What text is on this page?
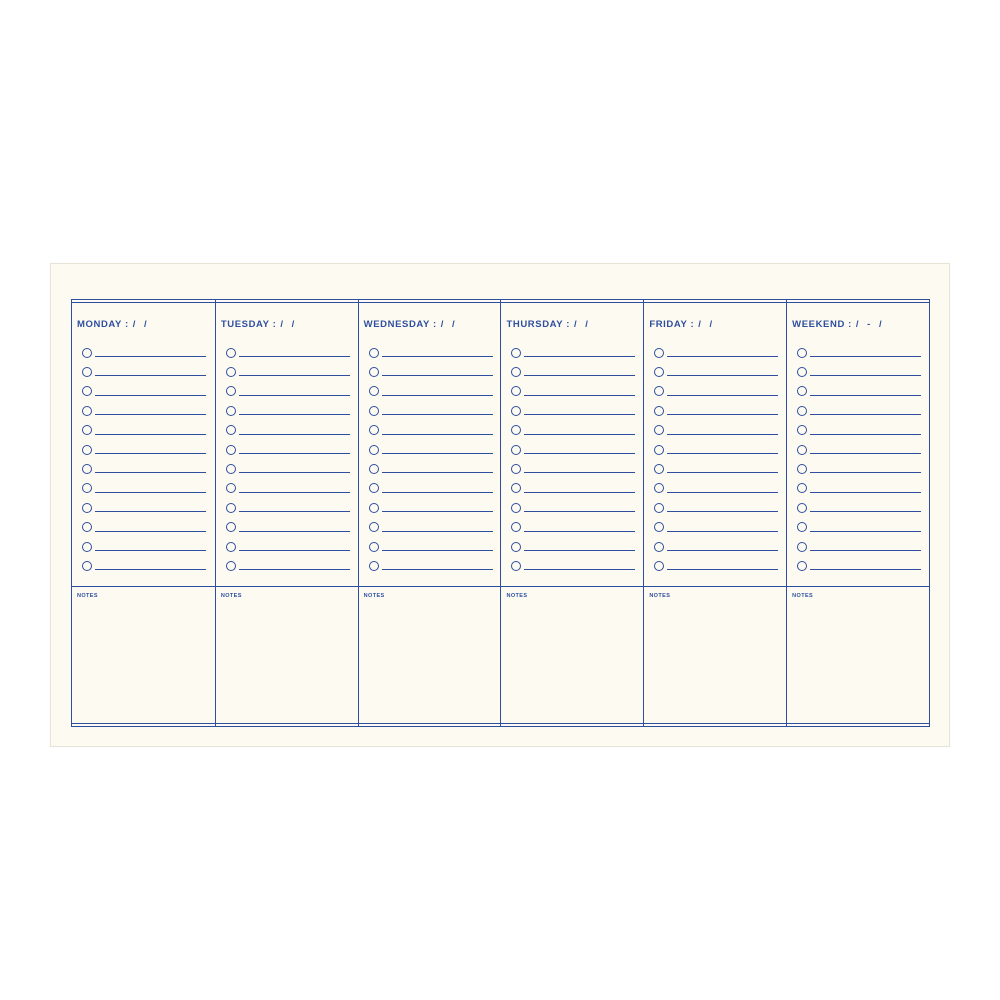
MONDAY : / /
NOTES
TUESDAY : / /
NOTES
WEDNESDAY : / /
NOTES
THURSDAY : / /
NOTES
FRIDAY : / /
NOTES
WEEKEND : / - /
NOTES
